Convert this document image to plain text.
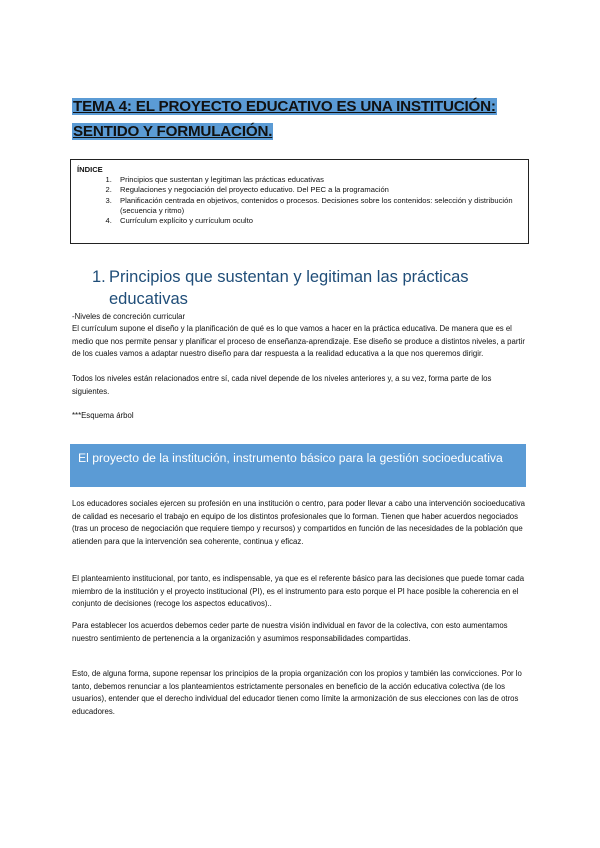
TEMA 4: EL PROYECTO EDUCATIVO ES UNA INSTITUCIÓN:
SENTIDO Y FORMULACIÓN.
ÍNDICE
1. Principios que sustentan y legitiman las prácticas educativas
2. Regulaciones y negociación del proyecto educativo. Del PEC a la programación
3. Planificación centrada en objetivos, contenidos o procesos. Decisiones sobre los contenidos: selección y distribución (secuencia y ritmo)
4. Currículum explícito y currículum oculto
1. Principios que sustentan y legitiman las prácticas educativas
-Niveles de concreción curricular
El currículum supone el diseño y la planificación de qué es lo que vamos a hacer en la práctica educativa. De manera que es el medio que nos permite pensar y planificar el proceso de enseñanza-aprendizaje. Ese diseño se produce a distintos niveles, a partir de los cuales vamos a adaptar nuestro diseño para dar respuesta a la realidad educativa a la que nos queremos dirigir.
Todos los niveles están relacionados entre sí, cada nivel depende de los niveles anteriores y, a su vez, forma parte de los siguientes.
***Esquema árbol
El proyecto de la institución, instrumento básico para la gestión socioeducativa
Los educadores sociales ejercen su profesión en una institución o centro, para poder llevar a cabo una intervención socioeducativa de calidad es necesario el trabajo en equipo de los distintos profesionales que lo forman. Tienen que haber acuerdos negociados (tras un proceso de negociación que requiere tiempo y recursos) y compartidos en función de las necesidades de la población que atienden para que la intervención sea coherente, continua y eficaz.
El planteamiento institucional, por tanto, es indispensable, ya que es el referente básico para las decisiones que puede tomar cada miembro de la institución y el proyecto institucional (PI), es el instrumento para esto porque el PI hace posible la coherencia en el conjunto de decisiones (recoge los aspectos educativos)..
Para establecer los acuerdos debemos ceder parte de nuestra visión individual en favor de la colectiva, con esto aumentamos nuestro sentimiento de pertenencia a la organización y asumimos responsabilidades compartidas.
Esto, de alguna forma, supone repensar los principios de la propia organización con los propios y también las convicciones. Por lo tanto, debemos renunciar a los planteamientos estrictamente personales en beneficio de la acción educativa colectiva (de los usuarios), entender que el derecho individual del educador tienen como límite la armonización de sus elecciones con las de otros educadores.
